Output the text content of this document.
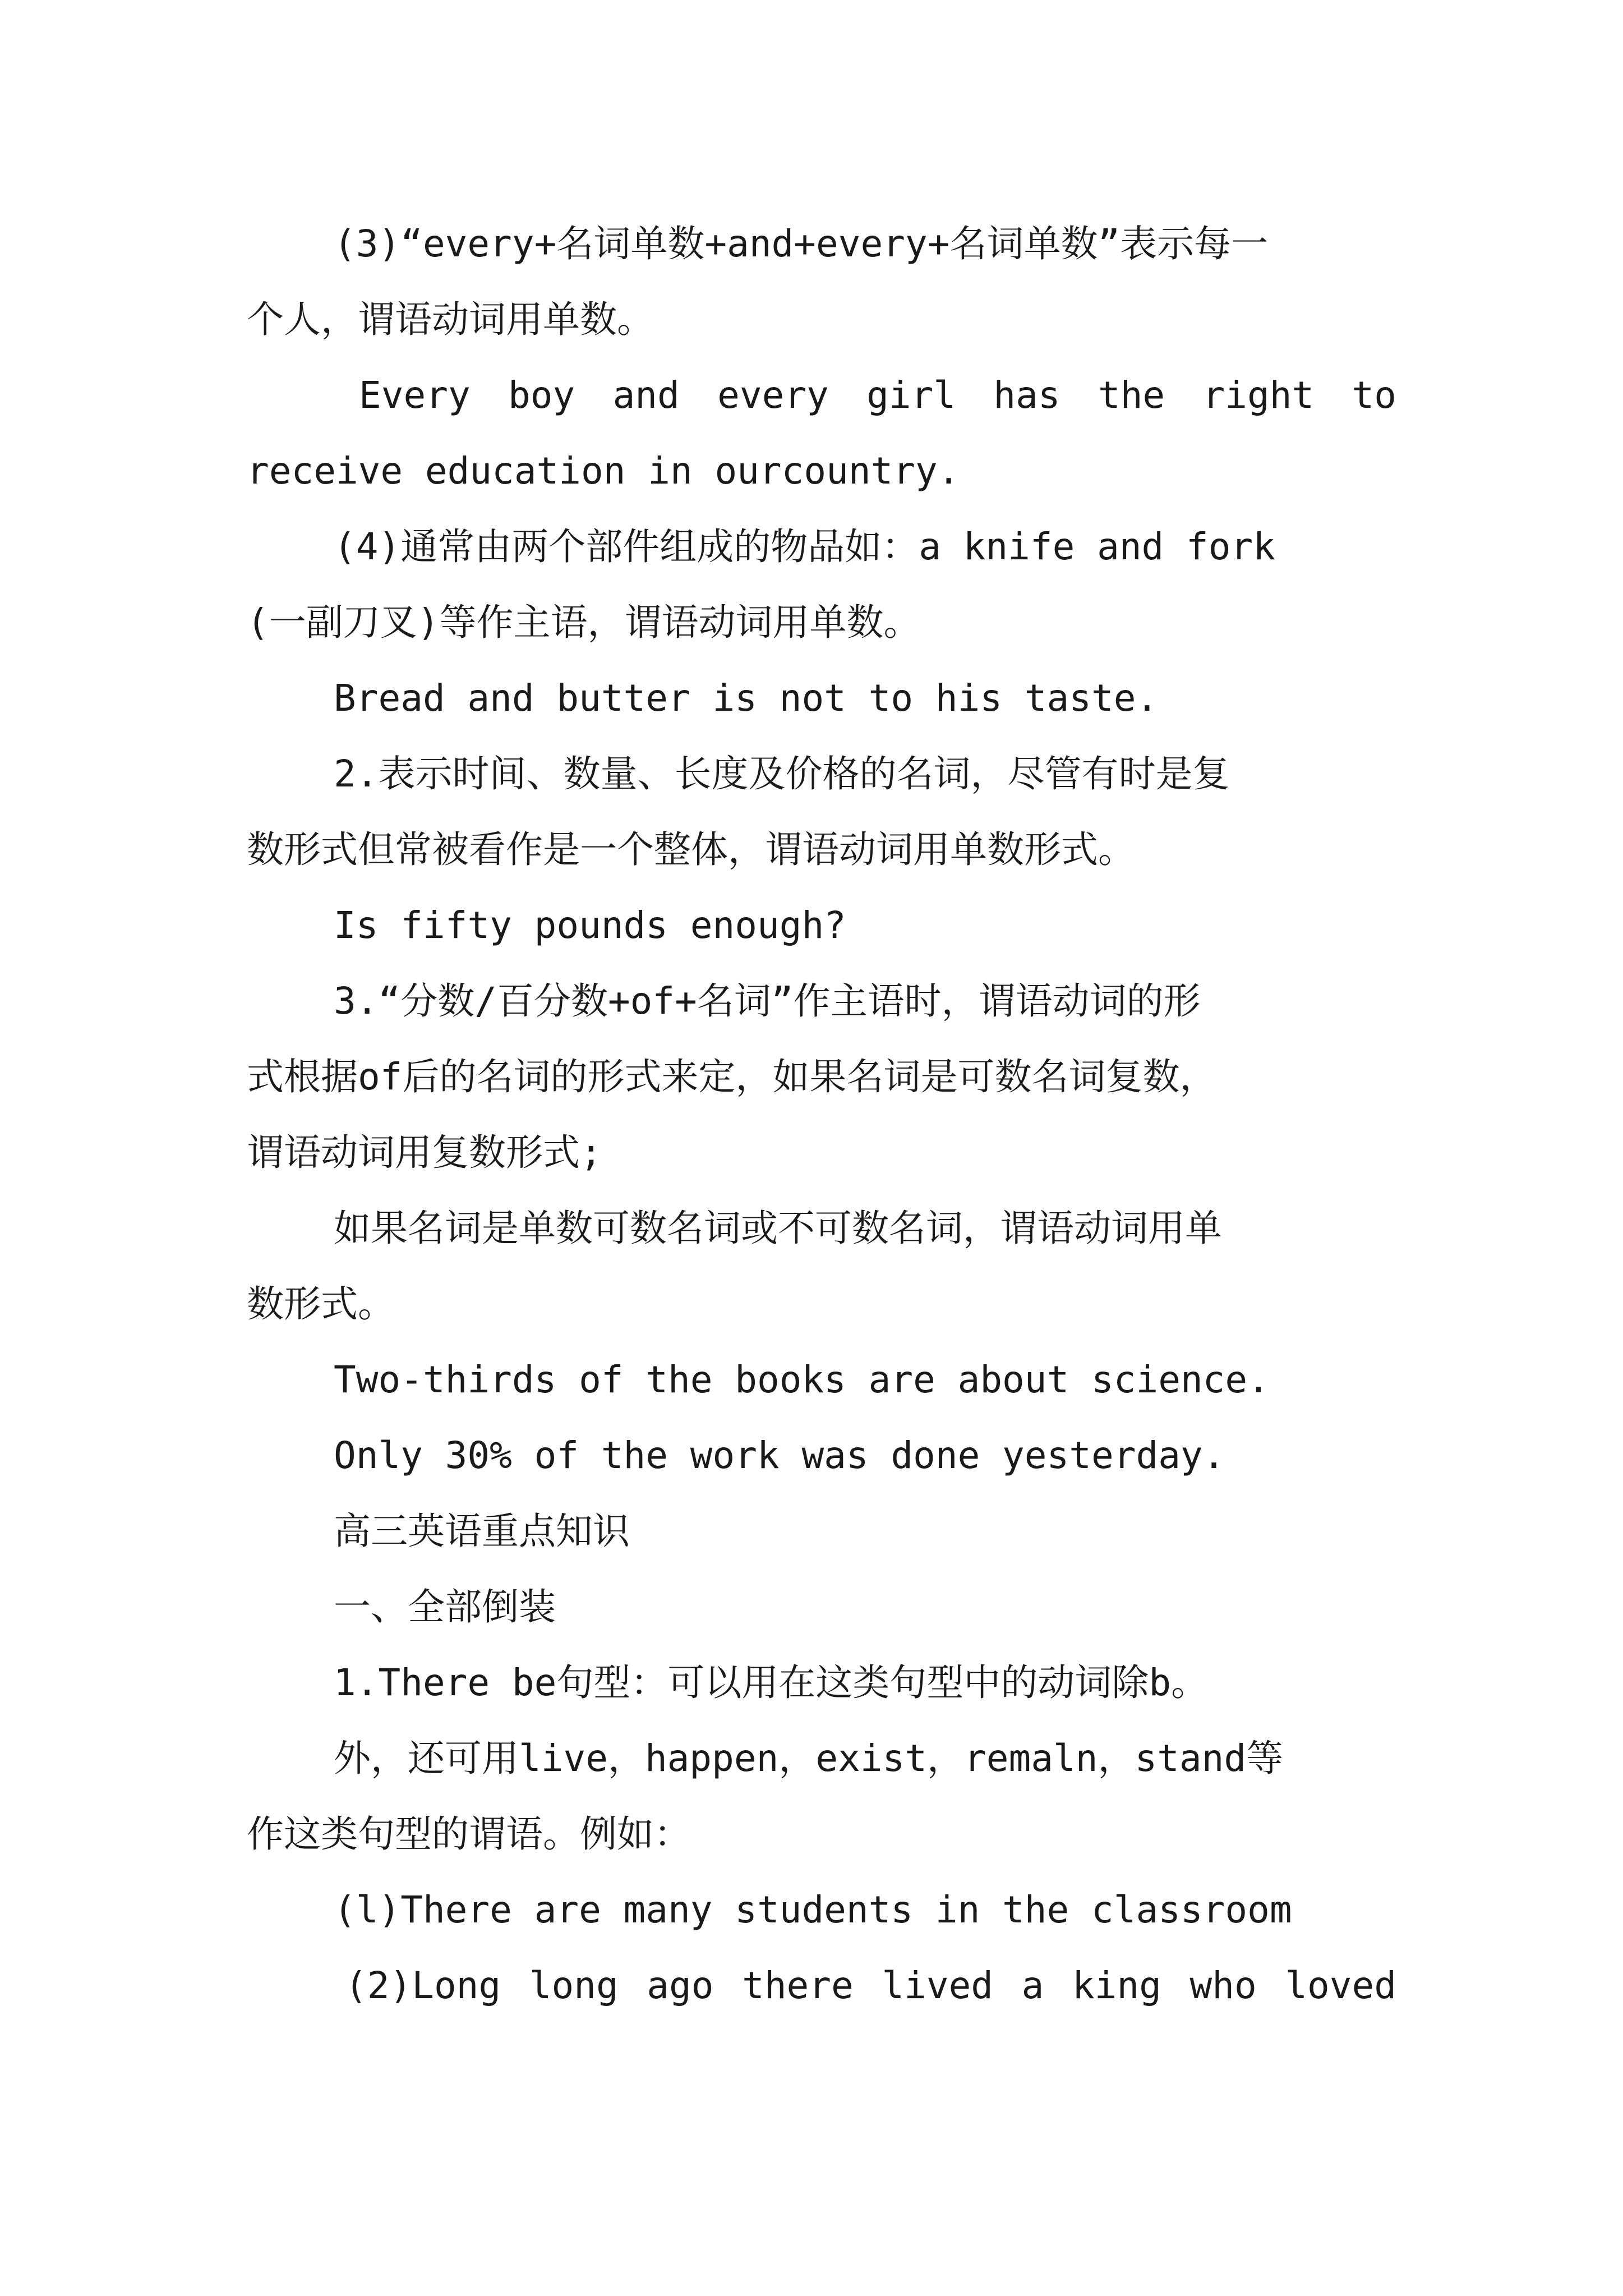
(3)“every+名词单数+and+every+名词单数”表示每一
个人，谓语动词用单数。
Every boy and every girl has the right to
receive education in ourcountry.
(4)通常由两个部件组成的物品如：a knife and fork
(一副刀叉)等作主语，谓语动词用单数。
Bread and butter is not to his taste.
2.表示时间、数量、长度及价格的名词，尽管有时是复
数形式但常被看作是一个整体，谓语动词用单数形式。
Is fifty pounds enough?
3.“分数/百分数+of+名词”作主语时，谓语动词的形
式根据of后的名词的形式来定，如果名词是可数名词复数，
谓语动词用复数形式;
如果名词是单数可数名词或不可数名词，谓语动词用单
数形式。
Two-thirds of the books are about science.
Only 30% of the work was done yesterday.
高三英语重点知识
一、全部倒装
1.There be句型：可以用在这类句型中的动词除b。
外，还可用live，happen，exist，remaln，stand等
作这类句型的谓语。例如：
(l)There are many students in the classroom
(2)Long long ago there lived a king who loved
